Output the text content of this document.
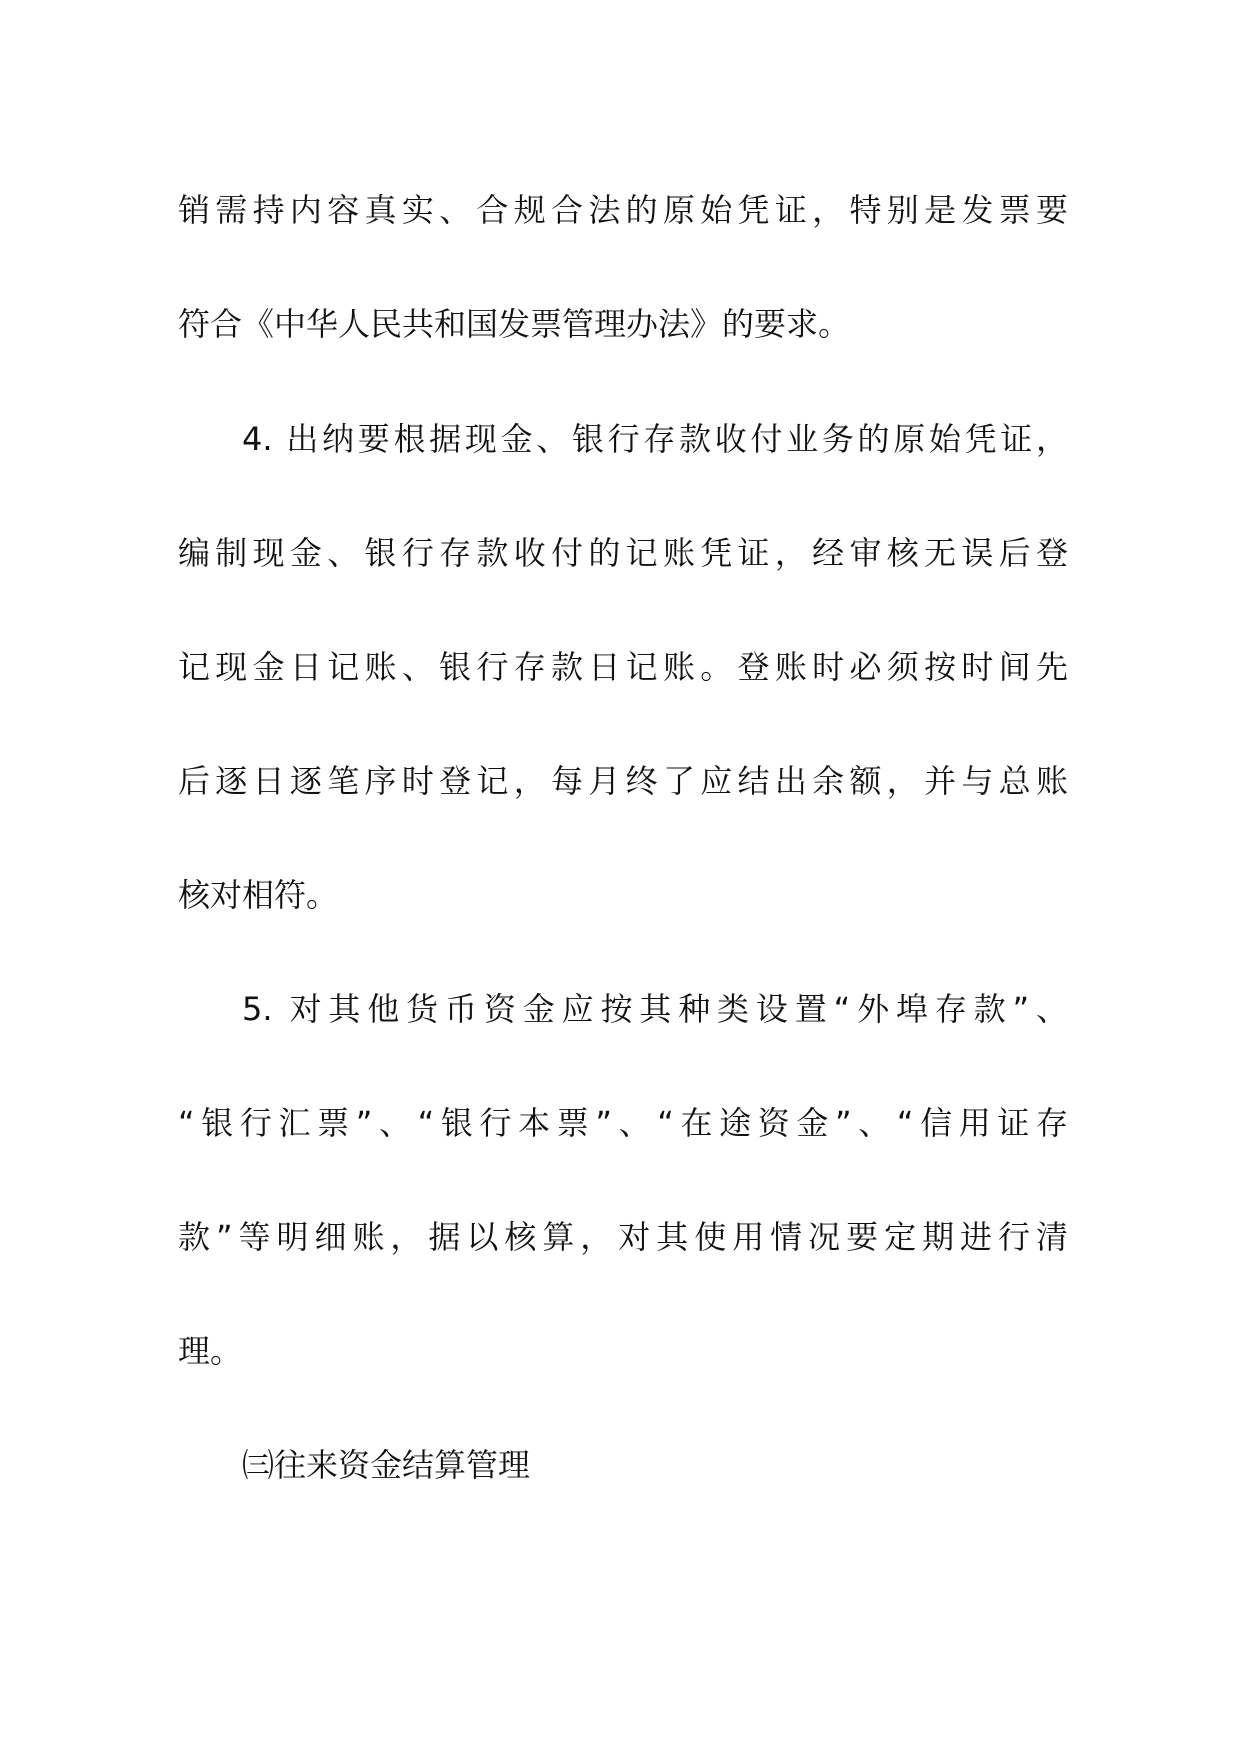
销需持内容真实、合规合法的原始凭证，特别是发票要
符合《中华人民共和国发票管理办法》的要求。
4. 出纳要根据现金、银行存款收付业务的原始凭证，
编制现金、银行存款收付的记账凭证，经审核无误后登
记现金日记账、银行存款日记账。登账时必须按时间先
后逐日逐笔序时登记，每月终了应结出余额，并与总账
核对相符。
5. 对其他货币资金应按其种类设置“外埠存款”、
“银行汇票”、“银行本票”、“在途资金”、“信用证存
款”等明细账，据以核算，对其使用情况要定期进行清
理。
㈢往来资金结算管理
